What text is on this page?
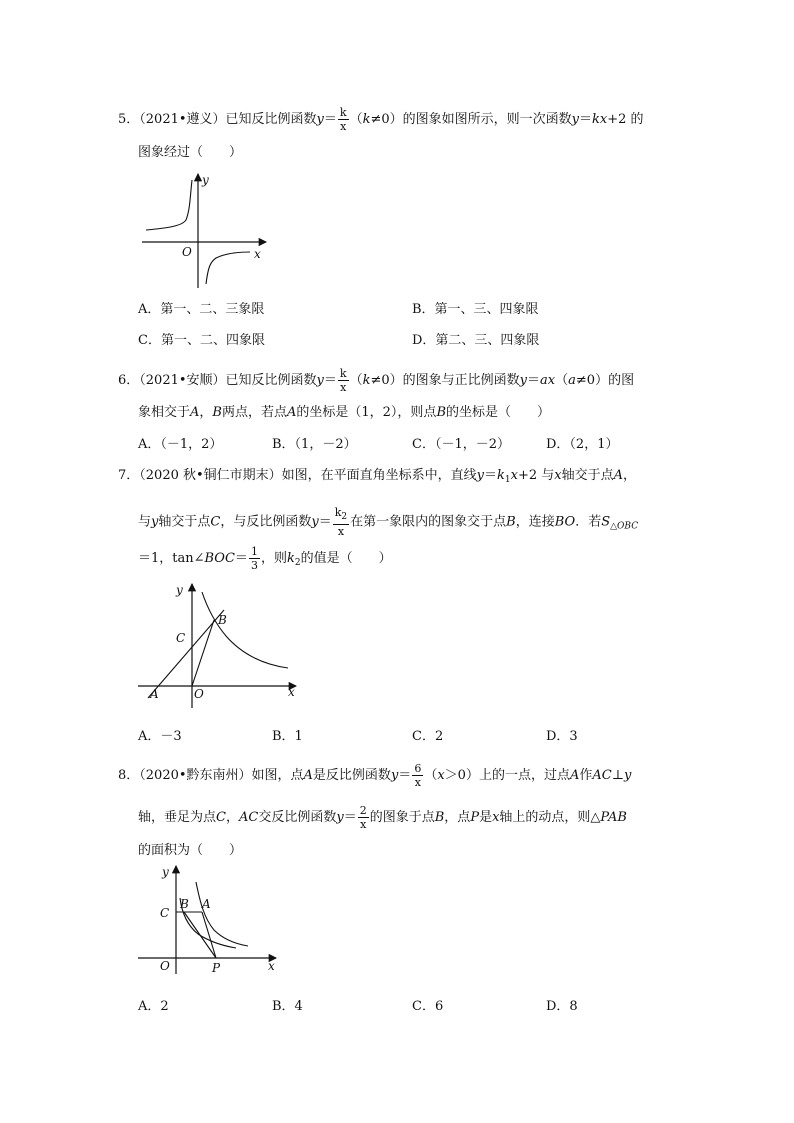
5．（2021•遵义）已知反比例函数$y= \frac{k}{x} (k\ne 0)$的图象如图所示，则一次函数y＝kx+2 的
图象经过（　　）
y
O	x
A．第一、二、三象限	B．第一、三、四象限
C．第一、二、四象限	D．第二、三、四象限
6．（2021•安顺）已知反比例函数$y= \frac{k}{x} (k\ne 0)$的图象与正比例函数y＝ax（a≠0）的图
象相交于A，B两点，若点A的坐标是（1，2），则点B的坐标是（　　）
A．（－1，2）	B．（1，－2）	C．（－1，－2）	D．（2，1）
7．（2020 秋•铜仁市期末）如图，在平面直角坐标系中，直线$y=k_1x+2$ 与x轴交于点A，
与y轴交于点C，与反比例函数$y= \frac{k_2}{x}$ 在第一象限内的图象交于点B，连接BO．若$S_{\triangle OBC}$
＝1，tan∠BOC＝ $\frac{1}{3}$ ，则$k_2$的值是（　　）
y
C
B
A	O	x
A．－3	B．1	C．2	D．3
8．（2020•黔东南州）如图，点A是反比例函数$y= \frac{6}{x} (x>0)$上的一点，过点A作AC⊥y
轴，垂足为点C，AC交反比例函数$y= \frac{2}{x}$ 的图象于点B，点P是x轴上的动点，则△PAB
的面积为（　　）
y
C
B A
O	P	x
A．2	B．4	C．6	D．8
